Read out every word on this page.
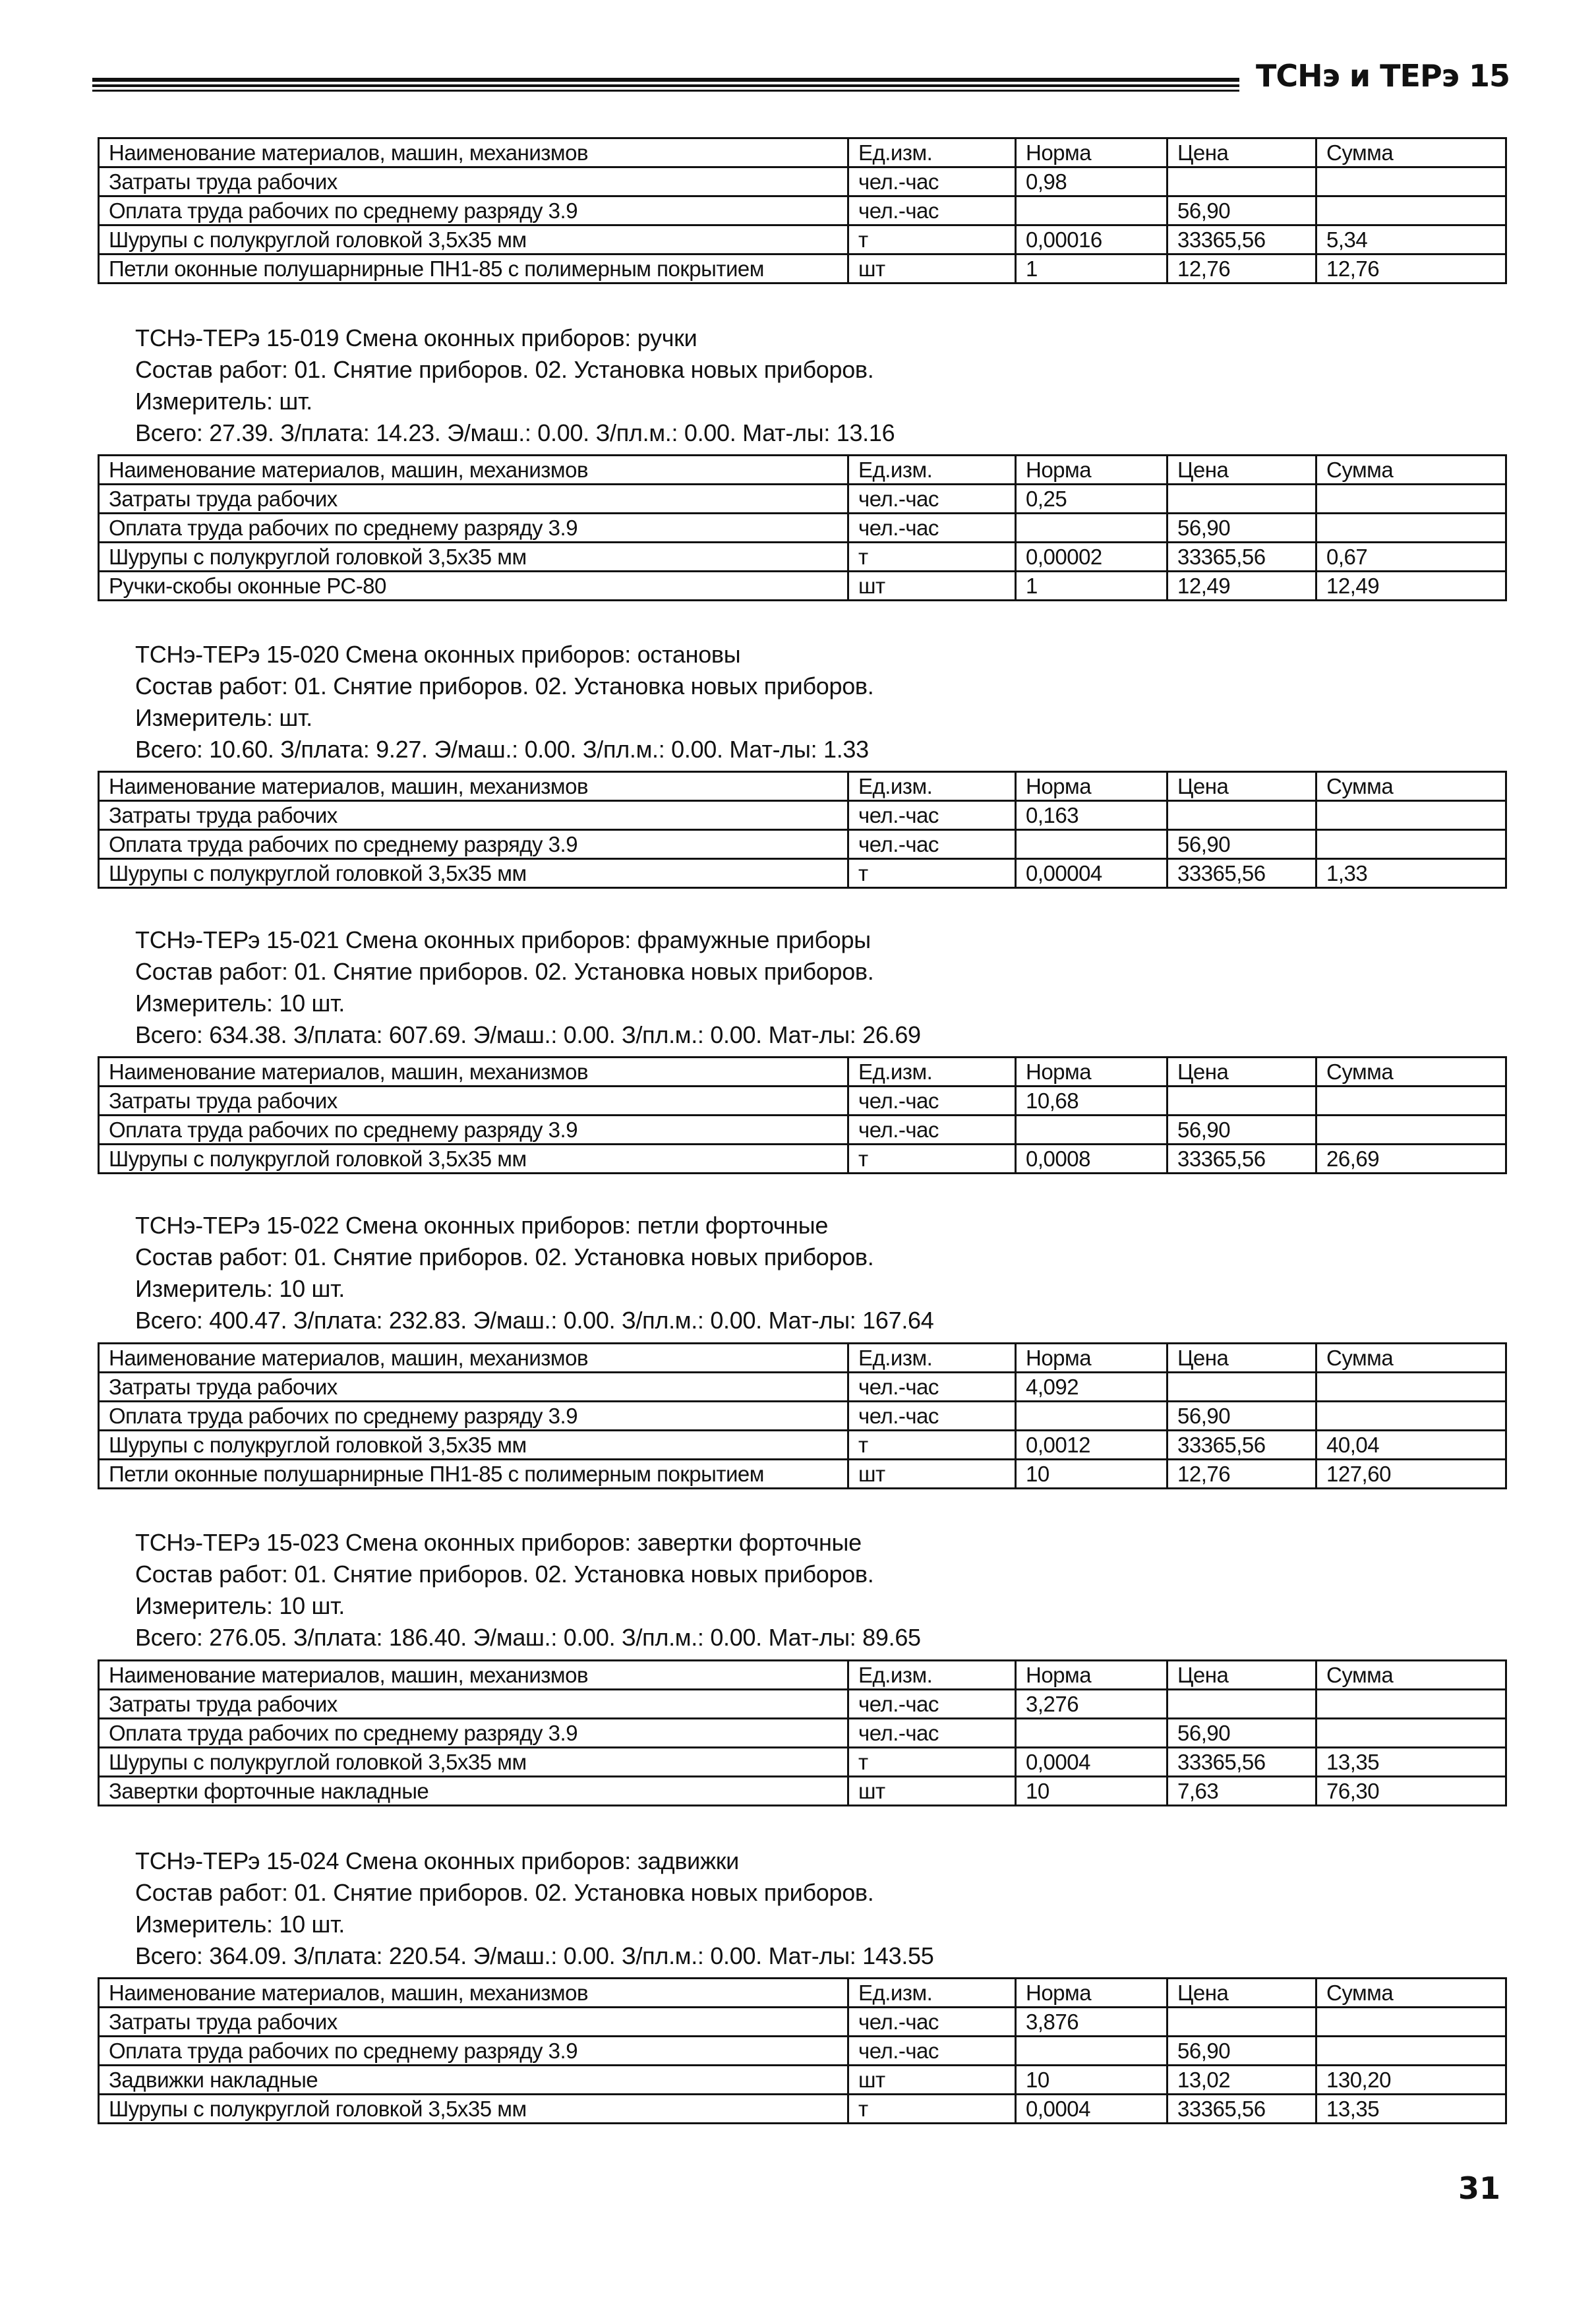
ТСНэ и ТЕРэ 15
Наименование материалов, машин, механизмов	Ед.изм.	Норма	Цена	Сумма
Затраты труда рабочих	чел.-час	0,98		
Оплата труда рабочих по среднему разряду 3.9	чел.-час		56,90	
Шурупы с полукруглой головкой 3,5x35 мм	т	0,00016	33365,56	5,34
Петли оконные полушарнирные ПН1-85 с полимерным покрытием	шт	1	12,76	12,76
ТСНэ-ТЕРэ 15-019 Смена оконных приборов: ручки
Состав работ: 01. Снятие приборов. 02. Установка новых приборов.
Измеритель: шт.
Всего: 27.39. З/плата: 14.23. Э/маш.: 0.00. З/пл.м.: 0.00. Мат-лы: 13.16
Наименование материалов, машин, механизмов	Ед.изм.	Норма	Цена	Сумма
Затраты труда рабочих	чел.-час	0,25		
Оплата труда рабочих по среднему разряду 3.9	чел.-час		56,90	
Шурупы с полукруглой головкой 3,5x35 мм	т	0,00002	33365,56	0,67
Ручки-скобы оконные РС-80	шт	1	12,49	12,49
ТСНэ-ТЕРэ 15-020 Смена оконных приборов: остановы
Состав работ: 01. Снятие приборов. 02. Установка новых приборов.
Измеритель: шт.
Всего: 10.60. З/плата: 9.27. Э/маш.: 0.00. З/пл.м.: 0.00. Мат-лы: 1.33
Наименование материалов, машин, механизмов	Ед.изм.	Норма	Цена	Сумма
Затраты труда рабочих	чел.-час	0,163		
Оплата труда рабочих по среднему разряду 3.9	чел.-час		56,90	
Шурупы с полукруглой головкой 3,5x35 мм	т	0,00004	33365,56	1,33
ТСНэ-ТЕРэ 15-021 Смена оконных приборов: фрамужные приборы
Состав работ: 01. Снятие приборов. 02. Установка новых приборов.
Измеритель: 10 шт.
Всего: 634.38. З/плата: 607.69. Э/маш.: 0.00. З/пл.м.: 0.00. Мат-лы: 26.69
Наименование материалов, машин, механизмов	Ед.изм.	Норма	Цена	Сумма
Затраты труда рабочих	чел.-час	10,68		
Оплата труда рабочих по среднему разряду 3.9	чел.-час		56,90	
Шурупы с полукруглой головкой 3,5x35 мм	т	0,0008	33365,56	26,69
ТСНэ-ТЕРэ 15-022 Смена оконных приборов: петли форточные
Состав работ: 01. Снятие приборов. 02. Установка новых приборов.
Измеритель: 10 шт.
Всего: 400.47. З/плата: 232.83. Э/маш.: 0.00. З/пл.м.: 0.00. Мат-лы: 167.64
Наименование материалов, машин, механизмов	Ед.изм.	Норма	Цена	Сумма
Затраты труда рабочих	чел.-час	4,092		
Оплата труда рабочих по среднему разряду 3.9	чел.-час		56,90	
Шурупы с полукруглой головкой 3,5x35 мм	т	0,0012	33365,56	40,04
Петли оконные полушарнирные ПН1-85 с полимерным покрытием	шт	10	12,76	127,60
ТСНэ-ТЕРэ 15-023 Смена оконных приборов: завертки форточные
Состав работ: 01. Снятие приборов. 02. Установка новых приборов.
Измеритель: 10 шт.
Всего: 276.05. З/плата: 186.40. Э/маш.: 0.00. З/пл.м.: 0.00. Мат-лы: 89.65
Наименование материалов, машин, механизмов	Ед.изм.	Норма	Цена	Сумма
Затраты труда рабочих	чел.-час	3,276		
Оплата труда рабочих по среднему разряду 3.9	чел.-час		56,90	
Шурупы с полукруглой головкой 3,5x35 мм	т	0,0004	33365,56	13,35
Завертки форточные накладные	шт	10	7,63	76,30
ТСНэ-ТЕРэ 15-024 Смена оконных приборов: задвижки
Состав работ: 01. Снятие приборов. 02. Установка новых приборов.
Измеритель: 10 шт.
Всего: 364.09. З/плата: 220.54. Э/маш.: 0.00. З/пл.м.: 0.00. Мат-лы: 143.55
Наименование материалов, машин, механизмов	Ед.изм.	Норма	Цена	Сумма
Затраты труда рабочих	чел.-час	3,876		
Оплата труда рабочих по среднему разряду 3.9	чел.-час		56,90	
Задвижки накладные	шт	10	13,02	130,20
Шурупы с полукруглой головкой 3,5x35 мм	т	0,0004	33365,56	13,35
31
